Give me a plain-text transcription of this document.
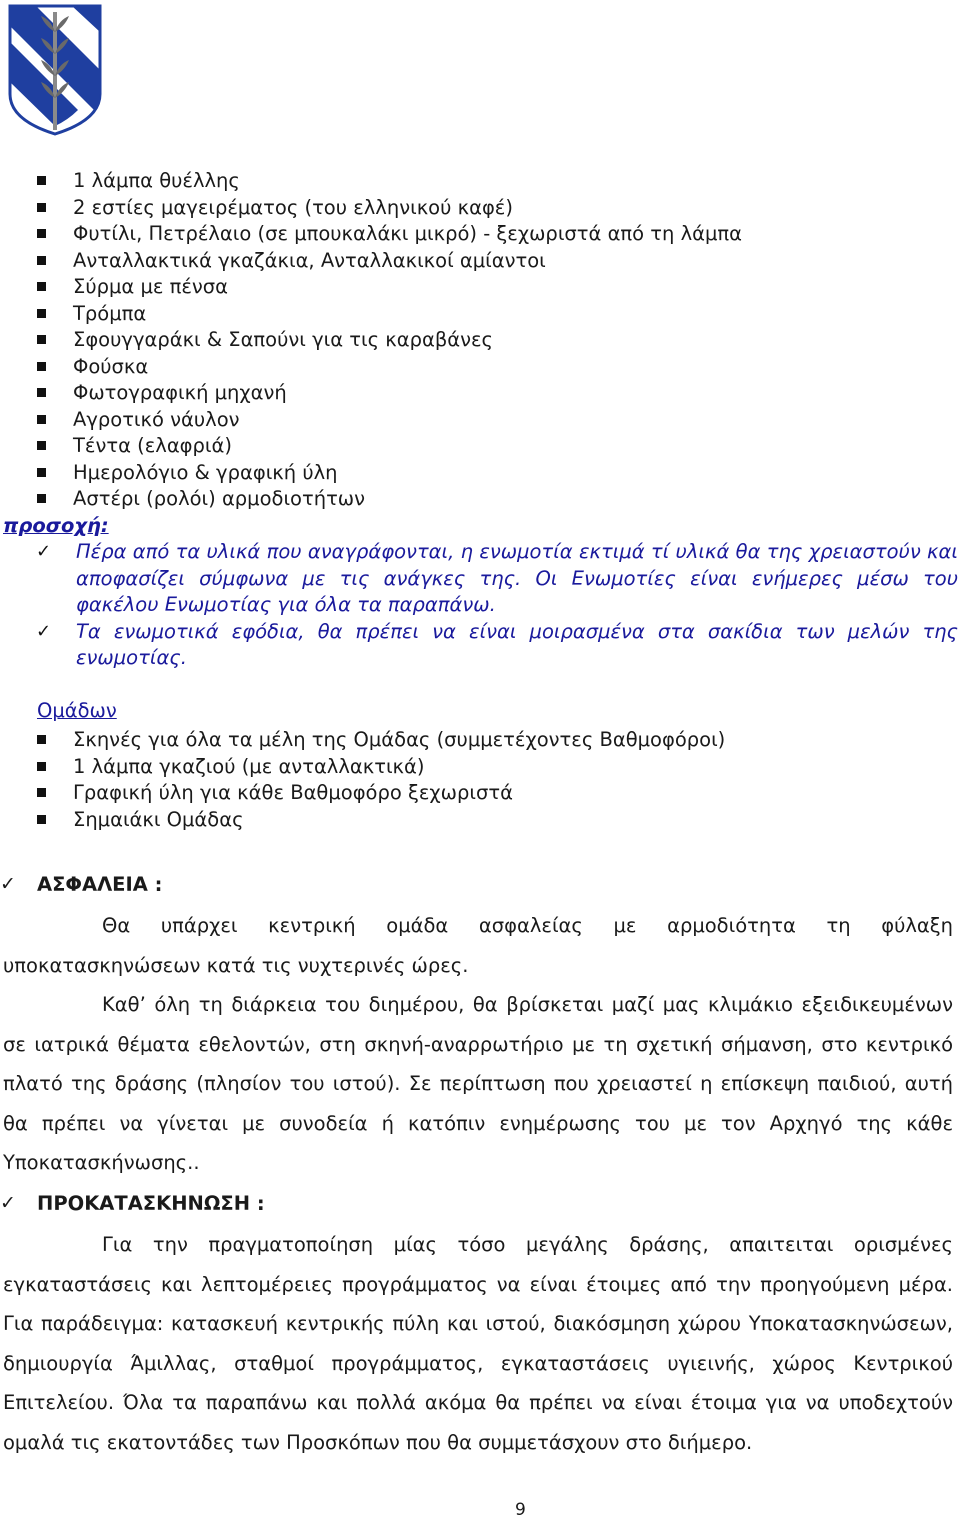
1 λάμπα θυέλλης
2 εστίες μαγειρέματος (του ελληνικού καφέ)
Φυτίλι, Πετρέλαιο (σε μπουκαλάκι μικρό) - ξεχωριστά από τη λάμπα
Ανταλλακτικά γκαζάκια, Ανταλλακικοί αμίαντοι
Σύρμα με πένσα
Τρόμπα
Σφουγγαράκι & Σαπούνι για τις καραβάνες
Φούσκα
Φωτογραφική μηχανή
Αγροτικό νάυλον
Τέντα (ελαφριά)
Ημερολόγιο & γραφική ύλη
Αστέρι (ρολόι) αρμοδιοτήτων
προσοχή:
✓ Πέρα από τα υλικά που αναγράφονται, η ενωμοτία εκτιμά τί υλικά θα της χρειαστούν και αποφασίζει σύμφωνα με τις ανάγκες της. Οι Ενωμοτίες είναι ενήμερες μέσω του φακέλου Ενωμοτίας για όλα τα παραπάνω.
✓ Τα ενωμοτικά εφόδια, θα πρέπει να είναι μοιρασμένα στα σακίδια των μελών της ενωμοτίας.
Ομάδων
Σκηνές για όλα τα μέλη της Ομάδας (συμμετέχοντες Βαθμοφόροι)
1 λάμπα γκαζιού (με ανταλλακτικά)
Γραφική ύλη για κάθε Βαθμοφόρο ξεχωριστά
Σημαιάκι Ομάδας
✓ ΑΣΦΑΛΕΙΑ :

Θα υπάρχει κεντρική ομάδα ασφαλείας με αρμοδιότητα τη φύλαξη υποκατασκηνώσεων κατά τις νυχτερινές ώρες.

Καθ’ όλη τη διάρκεια του διημέρου, θα βρίσκεται μαζί μας κλιμάκιο εξειδικευμένων σε ιατρικά θέματα εθελοντών, στη σκηνή-αναρρωτήριο με τη σχετική σήμανση, στο κεντρικό πλατό της δράσης (πλησίον του ιστού). Σε περίπτωση που χρειαστεί η επίσκεψη παιδιού, αυτή θα πρέπει να γίνεται με συνοδεία ή κατόπιν ενημέρωσης του με τον Αρχηγό της κάθε Υποκατασκήνωσης..

✓ ΠΡΟΚΑΤΑΣΚΗΝΩΣΗ :

Για την πραγματοποίηση μίας τόσο μεγάλης δράσης, απαιτειται ορισμένες εγκαταστάσεις και λεπτομέρειες προγράμματος να είναι έτοιμες από την προηγούμενη μέρα. Για παράδειγμα: κατασκευή κεντρικής πύλη και ιστού, διακόσμηση χώρου Υποκατασκηνώσεων, δημιουργία Άμιλλας, σταθμοί προγράμματος, εγκαταστάσεις υγιεινής, χώρος Κεντρικού Επιτελείου. Όλα τα παραπάνω και πολλά ακόμα θα πρέπει να είναι έτοιμα για να υποδεχτούν ομαλά τις εκατοντάδες των Προσκόπων που θα συμμετάσχουν στο διήμερο.

9
